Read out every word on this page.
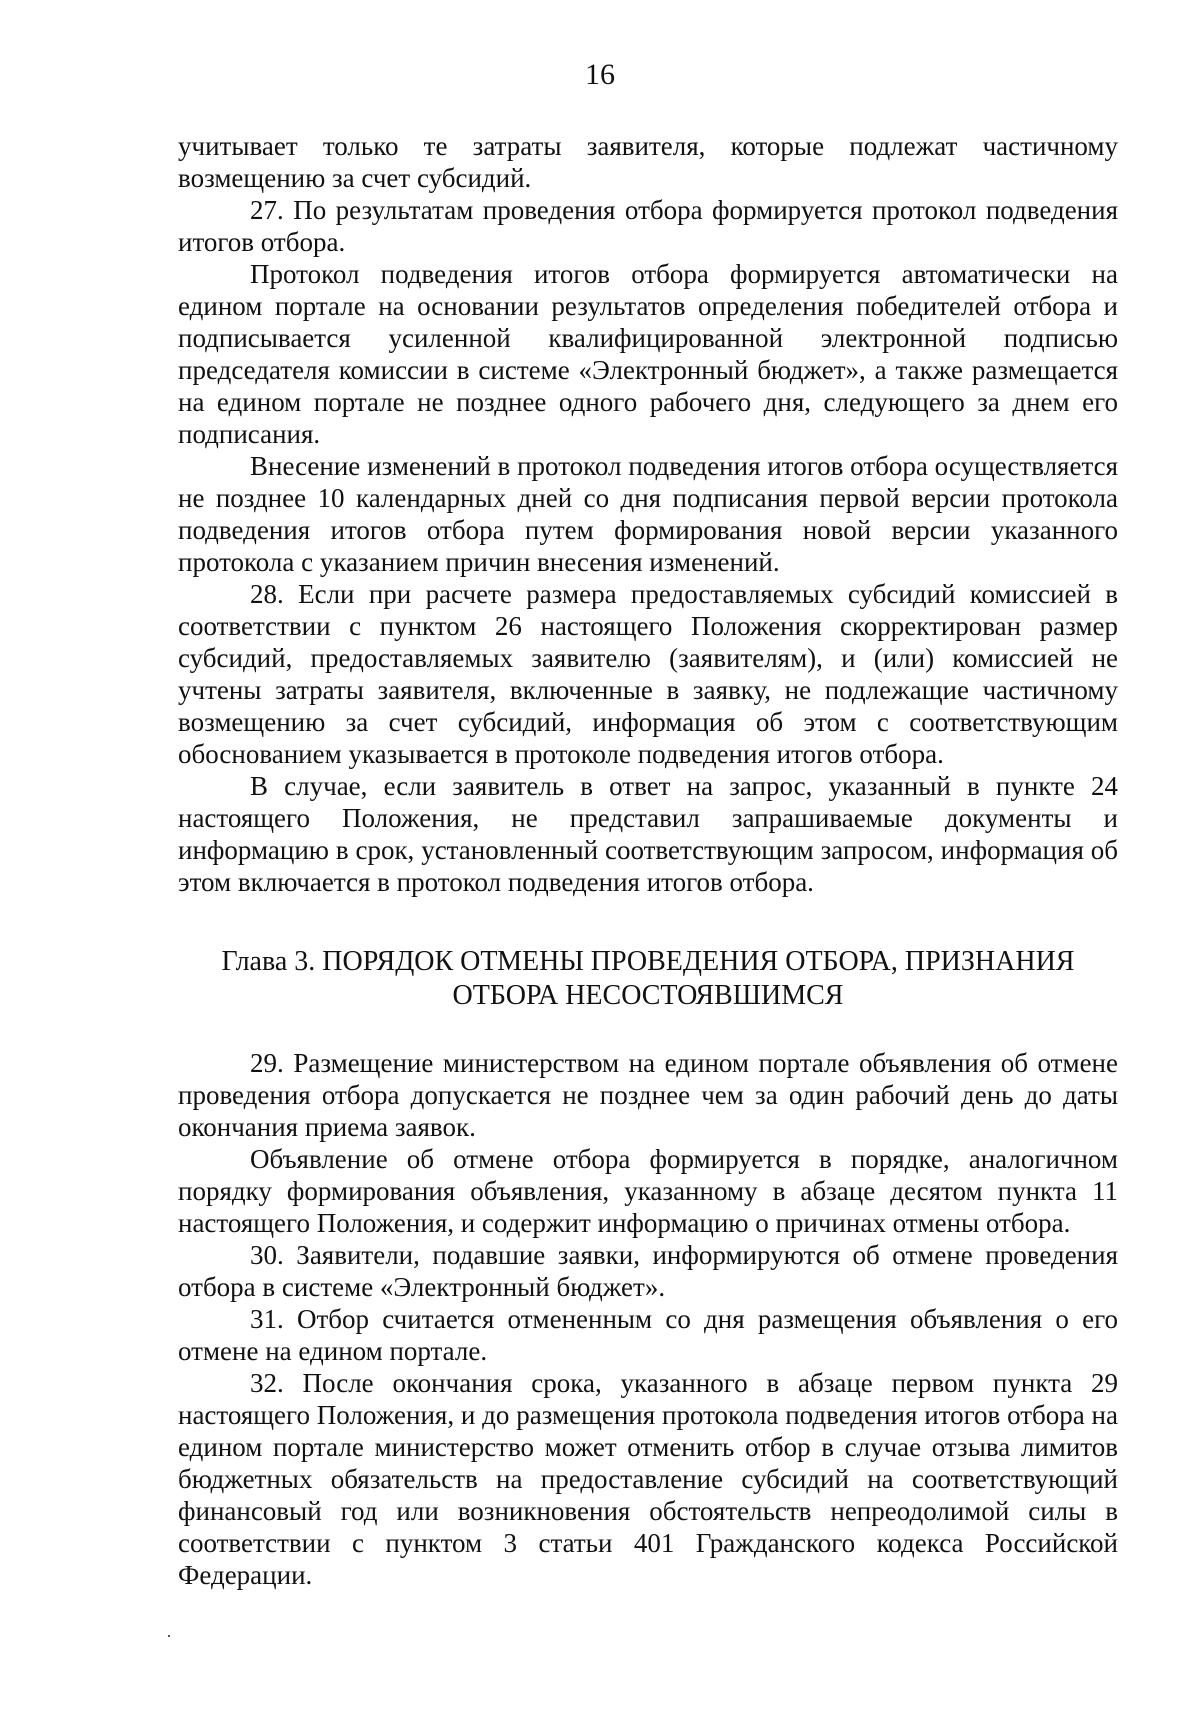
16

учитывает только те затраты заявителя, которые подлежат частичному возмещению за счет субсидий.

27. По результатам проведения отбора формируется протокол подведения итогов отбора.

Протокол подведения итогов отбора формируется автоматически на едином портале на основании результатов определения победителей отбора и подписывается усиленной квалифицированной электронной подписью председателя комиссии в системе «Электронный бюджет», а также размещается на едином портале не позднее одного рабочего дня, следующего за днем его подписания.

Внесение изменений в протокол подведения итогов отбора осуществляется не позднее 10 календарных дней со дня подписания первой версии протокола подведения итогов отбора путем формирования новой версии указанного протокола с указанием причин внесения изменений.

28. Если при расчете размера предоставляемых субсидий комиссией в соответствии с пунктом 26 настоящего Положения скорректирован размер субсидий, предоставляемых заявителю (заявителям), и (или) комиссией не учтены затраты заявителя, включенные в заявку, не подлежащие частичному возмещению за счет субсидий, информация об этом с соответствующим обоснованием указывается в протоколе подведения итогов отбора.

В случае, если заявитель в ответ на запрос, указанный в пункте 24 настоящего Положения, не представил запрашиваемые документы и информацию в срок, установленный соответствующим запросом, информация об этом включается в протокол подведения итогов отбора.

Глава 3. ПОРЯДОК ОТМЕНЫ ПРОВЕДЕНИЯ ОТБОРА, ПРИЗНАНИЯ
ОТБОРА НЕСОСТОЯВШИМСЯ

29. Размещение министерством на едином портале объявления об отмене проведения отбора допускается не позднее чем за один рабочий день до даты окончания приема заявок.

Объявление об отмене отбора формируется в порядке, аналогичном порядку формирования объявления, указанному в абзаце десятом пункта 11 настоящего Положения, и содержит информацию о причинах отмены отбора.

30. Заявители, подавшие заявки, информируются об отмене проведения отбора в системе «Электронный бюджет».

31. Отбор считается отмененным со дня размещения объявления о его отмене на едином портале.

32. После окончания срока, указанного в абзаце первом пункта 29 настоящего Положения, и до размещения протокола подведения итогов отбора на едином портале министерство может отменить отбор в случае отзыва лимитов бюджетных обязательств на предоставление субсидий на соответствующий финансовый год или возникновения обстоятельств непреодолимой силы в соответствии с пунктом 3 статьи 401 Гражданского кодекса Российской Федерации.
